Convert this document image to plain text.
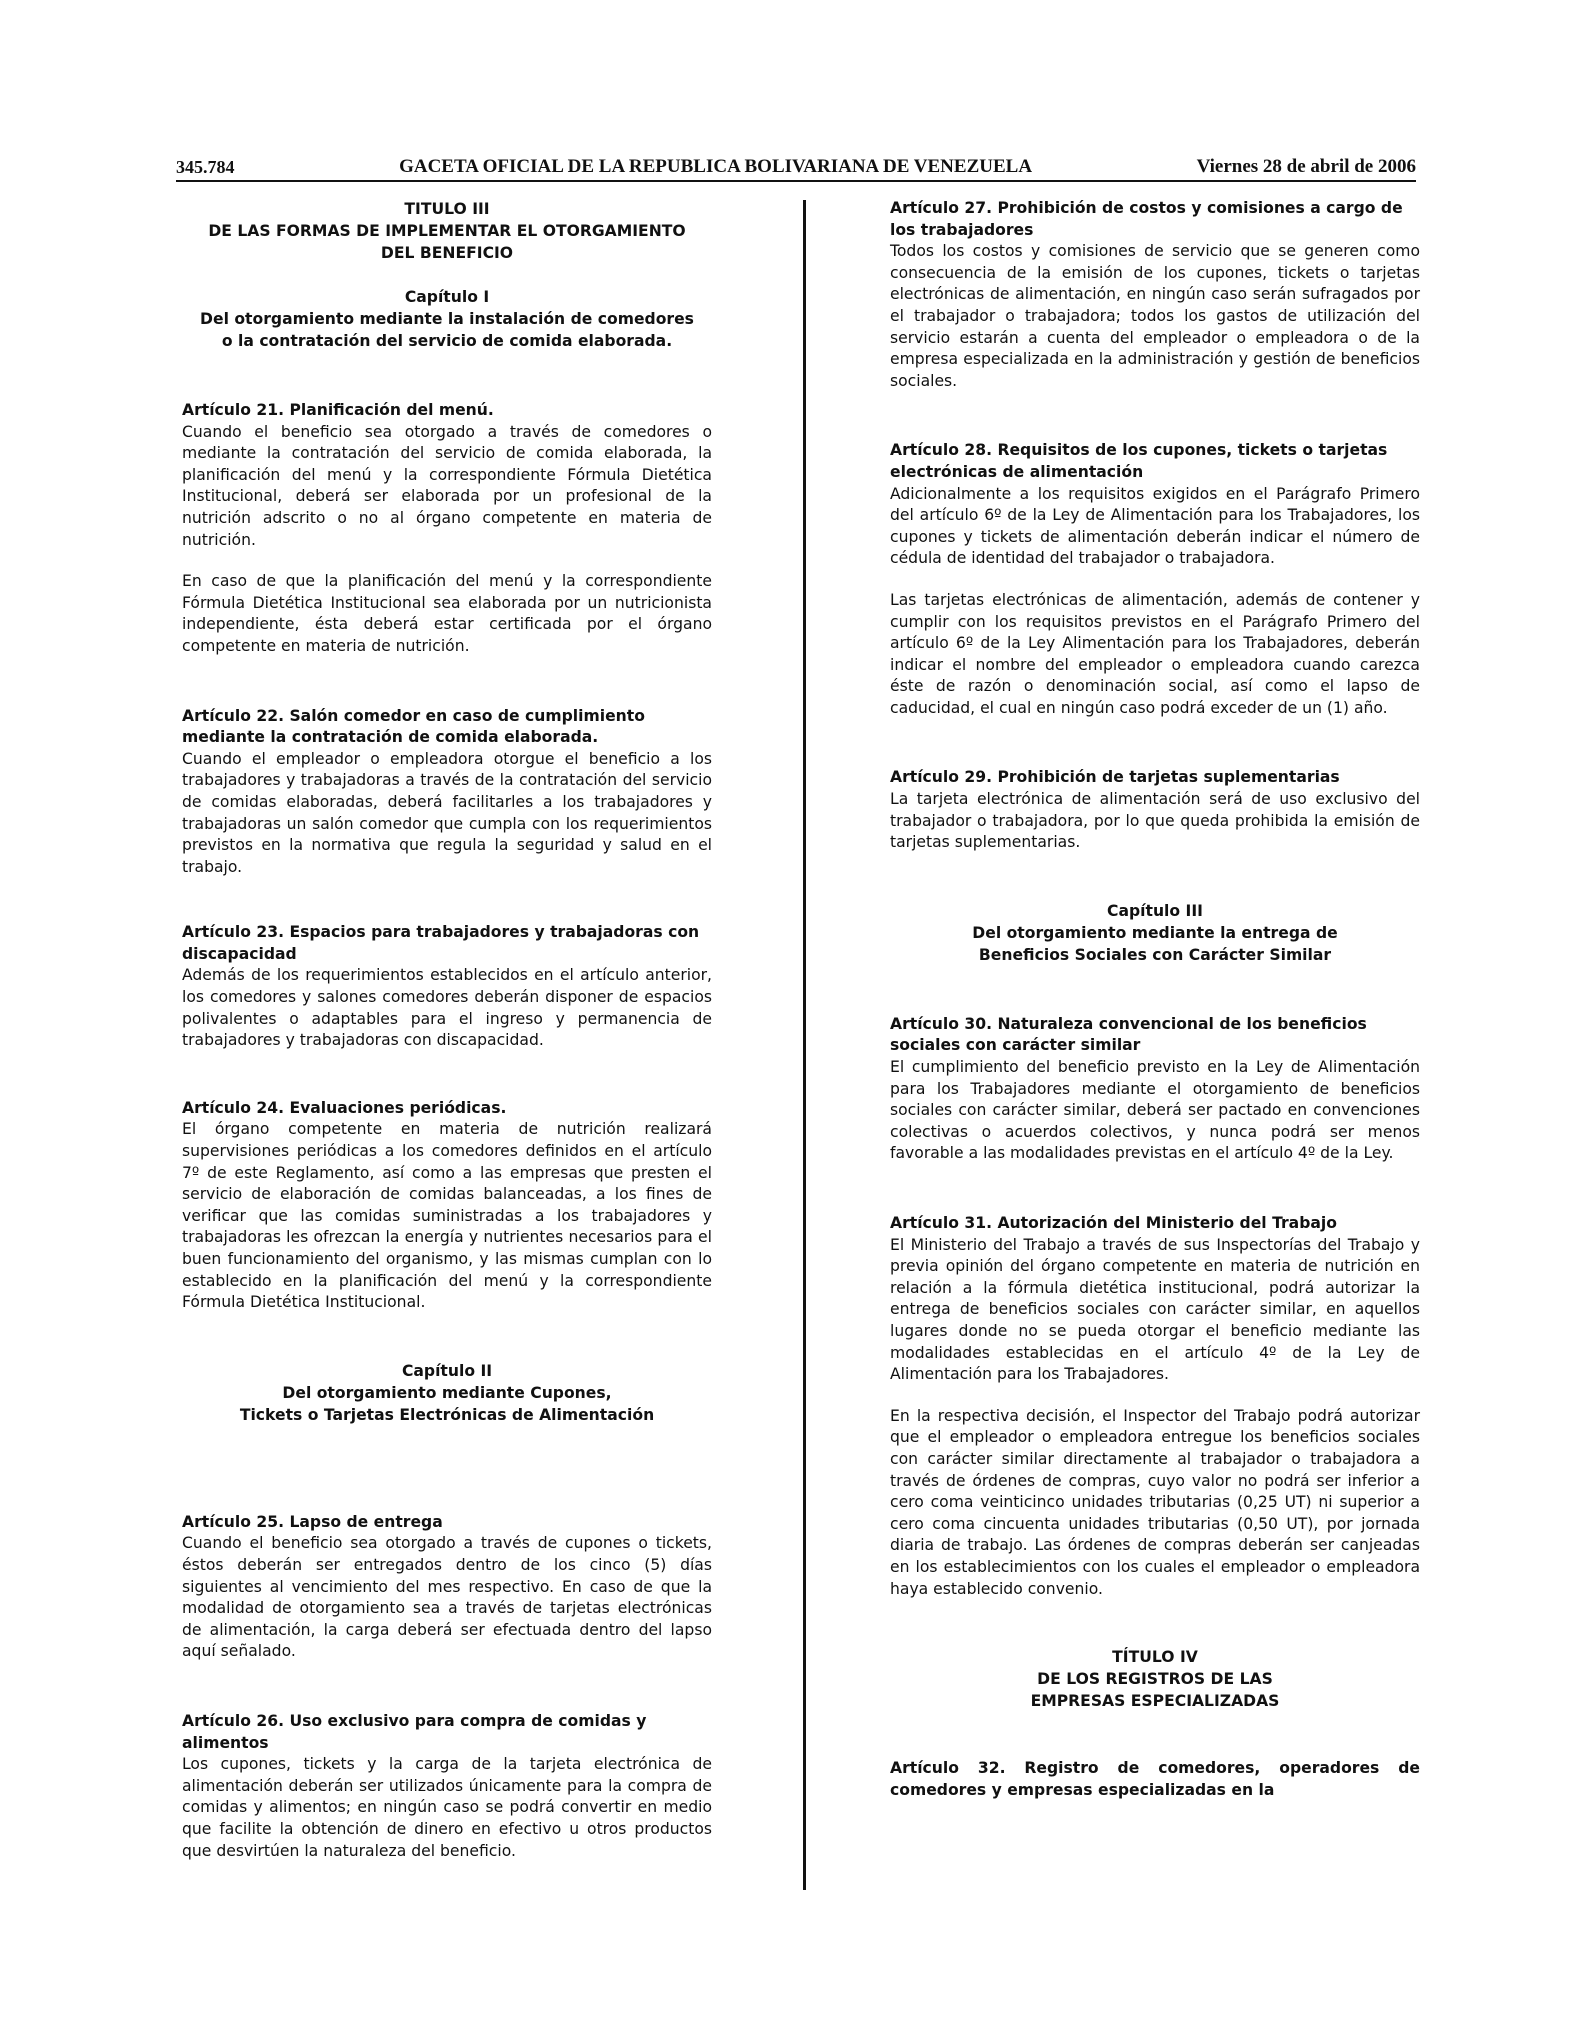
345.784	GACETA OFICIAL DE LA REPUBLICA BOLIVARIANA DE VENEZUELA	Viernes 28 de abril de 2006
TITULO III
DE LAS FORMAS DE IMPLEMENTAR EL OTORGAMIENTO
DEL BENEFICIO
Capítulo I
Del otorgamiento mediante la instalación de comedores
o la contratación del servicio de comida elaborada.

Artículo 21. Planificación del menú.

Cuando el beneficio sea otorgado a través de comedores o mediante la contratación del servicio de comida elaborada, la planificación del menú y la correspondiente Fórmula Dietética Institucional, deberá ser elaborada por un profesional de la nutrición adscrito o no al órgano competente en materia de nutrición.

En caso de que la planificación del menú y la correspondiente Fórmula Dietética Institucional sea elaborada por un nutricionista independiente, ésta deberá estar certificada por el órgano competente en materia de nutrición.

Artículo 22. Salón comedor en caso de cumplimiento mediante la contratación de comida elaborada.

Cuando el empleador o empleadora otorgue el beneficio a los trabajadores y trabajadoras a través de la contratación del servicio de comidas elaboradas, deberá facilitarles a los trabajadores y trabajadoras un salón comedor que cumpla con los requerimientos previstos en la normativa que regula la seguridad y salud en el trabajo.

Artículo 23. Espacios para trabajadores y trabajadoras con discapacidad

Además de los requerimientos establecidos en el artículo anterior, los comedores y salones comedores deberán disponer de espacios polivalentes o adaptables para el ingreso y permanencia de trabajadores y trabajadoras con discapacidad.

Artículo 24. Evaluaciones periódicas.

El órgano competente en materia de nutrición realizará supervisiones periódicas a los comedores definidos en el artículo 7º de este Reglamento, así como a las empresas que presten el servicio de elaboración de comidas balanceadas, a los fines de verificar que las comidas suministradas a los trabajadores y trabajadoras les ofrezcan la energía y nutrientes necesarios para el buen funcionamiento del organismo, y las mismas cumplan con lo establecido en la planificación del menú y la correspondiente Fórmula Dietética Institucional.

Capítulo II
Del otorgamiento mediante Cupones,
Tickets o Tarjetas Electrónicas de Alimentación

Artículo 25. Lapso de entrega

Cuando el beneficio sea otorgado a través de cupones o tickets, éstos deberán ser entregados dentro de los cinco (5) días siguientes al vencimiento del mes respectivo. En caso de que la modalidad de otorgamiento sea a través de tarjetas electrónicas de alimentación, la carga deberá ser efectuada dentro del lapso aquí señalado.

Artículo 26. Uso exclusivo para compra de comidas y alimentos

Los cupones, tickets y la carga de la tarjeta electrónica de alimentación deberán ser utilizados únicamente para la compra de comidas y alimentos; en ningún caso se podrá convertir en medio que facilite la obtención de dinero en efectivo u otros productos que desvirtúen la naturaleza del beneficio.

Artículo 27. Prohibición de costos y comisiones a cargo de los trabajadores

Todos los costos y comisiones de servicio que se generen como consecuencia de la emisión de los cupones, tickets o tarjetas electrónicas de alimentación, en ningún caso serán sufragados por el trabajador o trabajadora; todos los gastos de utilización del servicio estarán a cuenta del empleador o empleadora o de la empresa especializada en la administración y gestión de beneficios sociales.

Artículo 28. Requisitos de los cupones, tickets o tarjetas electrónicas de alimentación

Adicionalmente a los requisitos exigidos en el Parágrafo Primero del artículo 6º de la Ley de Alimentación para los Trabajadores, los cupones y tickets de alimentación deberán indicar el número de cédula de identidad del trabajador o trabajadora.

Las tarjetas electrónicas de alimentación, además de contener y cumplir con los requisitos previstos en el Parágrafo Primero del artículo 6º de la Ley Alimentación para los Trabajadores, deberán indicar el nombre del empleador o empleadora cuando carezca éste de razón o denominación social, así como el lapso de caducidad, el cual en ningún caso podrá exceder de un (1) año.

Artículo 29. Prohibición de tarjetas suplementarias

La tarjeta electrónica de alimentación será de uso exclusivo del trabajador o trabajadora, por lo que queda prohibida la emisión de tarjetas suplementarias.

Capítulo III
Del otorgamiento mediante la entrega de
Beneficios Sociales con Carácter Similar

Artículo 30. Naturaleza convencional de los beneficios sociales con carácter similar

El cumplimiento del beneficio previsto en la Ley de Alimentación para los Trabajadores mediante el otorgamiento de beneficios sociales con carácter similar, deberá ser pactado en convenciones colectivas o acuerdos colectivos, y nunca podrá ser menos favorable a las modalidades previstas en el artículo 4º de la Ley.

Artículo 31. Autorización del Ministerio del Trabajo

El Ministerio del Trabajo a través de sus Inspectorías del Trabajo y previa opinión del órgano competente en materia de nutrición en relación a la fórmula dietética institucional, podrá autorizar la entrega de beneficios sociales con carácter similar, en aquellos lugares donde no se pueda otorgar el beneficio mediante las modalidades establecidas en el artículo 4º de la Ley de Alimentación para los Trabajadores.

En la respectiva decisión, el Inspector del Trabajo podrá autorizar que el empleador o empleadora entregue los beneficios sociales con carácter similar directamente al trabajador o trabajadora a través de órdenes de compras, cuyo valor no podrá ser inferior a cero coma veinticinco unidades tributarias (0,25 UT) ni superior a cero coma cincuenta unidades tributarias (0,50 UT), por jornada diaria de trabajo. Las órdenes de compras deberán ser canjeadas en los establecimientos con los cuales el empleador o empleadora haya establecido convenio.

TÍTULO IV
DE LOS REGISTROS DE LAS
EMPRESAS ESPECIALIZADAS

Artículo 32. Registro de comedores, operadores de comedores y empresas especializadas en la
